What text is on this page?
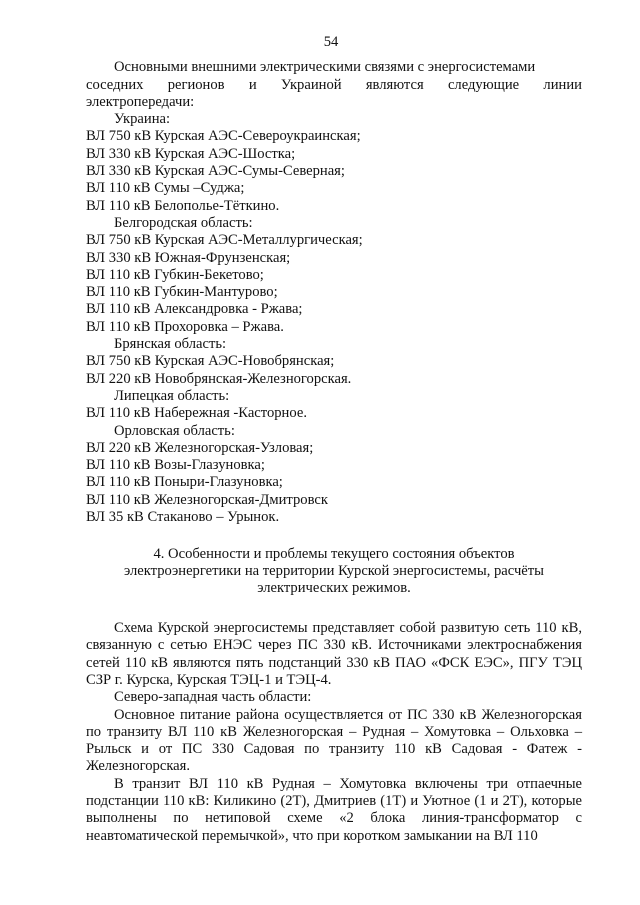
54

Основными внешними электрическими связями с энергосистемами

соседних регионов и Украиной являются следующие линии

электропередачи:

Украина:

ВЛ 750 кВ Курская АЭС-Североукраинская;

ВЛ 330 кВ Курская АЭС-Шостка;

ВЛ 330 кВ Курская АЭС-Сумы-Северная;

ВЛ 110 кВ Сумы –Суджа;

ВЛ 110 кВ Белополье-Тёткино.

Белгородская область:

ВЛ 750 кВ Курская АЭС-Металлургическая;

ВЛ 330 кВ Южная-Фрунзенская;

ВЛ 110 кВ Губкин-Бекетово;

ВЛ 110 кВ Губкин-Мантурово;

ВЛ 110 кВ Александровка - Ржава;

ВЛ 110 кВ Прохоровка – Ржава.

Брянская область:

ВЛ 750 кВ Курская АЭС-Новобрянская;

ВЛ 220 кВ Новобрянская-Железногорская.

Липецкая область:

ВЛ 110 кВ Набережная -Касторное.

Орловская область:

ВЛ 220 кВ Железногорская-Узловая;

ВЛ 110 кВ Возы-Глазуновка;

ВЛ 110 кВ Поныри-Глазуновка;

ВЛ 110 кВ Железногорская-Дмитровск

ВЛ 35 кВ Стаканово – Урынок.

4. Особенности и проблемы текущего состояния объектов
электроэнергетики на территории Курской энергосистемы, расчёты
электрических режимов.

Схема Курской энергосистемы представляет собой развитую сеть 110 кВ, связанную с сетью ЕНЭС через ПС 330 кВ. Источниками электроснабжения сетей 110 кВ являются пять подстанций 330 кВ ПАО «ФСК ЕЭС», ПГУ ТЭЦ СЗР г. Курска, Курская ТЭЦ-1 и ТЭЦ-4.

Северо-западная часть области:

Основное питание района осуществляется от ПС 330 кВ Железногорская по транзиту ВЛ 110 кВ Железногорская – Рудная – Хомутовка – Ольховка – Рыльск и от ПС 330 Садовая по транзиту 110 кВ Садовая - Фатеж - Железногорская.

В транзит ВЛ 110 кВ Рудная – Хомутовка включены три отпаечные подстанции 110 кВ: Киликино (2Т), Дмитриев (1Т) и Уютное (1 и 2Т), которые выполнены по нетиповой схеме «2 блока линия-трансформатор с неавтоматической перемычкой», что при коротком замыкании на ВЛ 110
